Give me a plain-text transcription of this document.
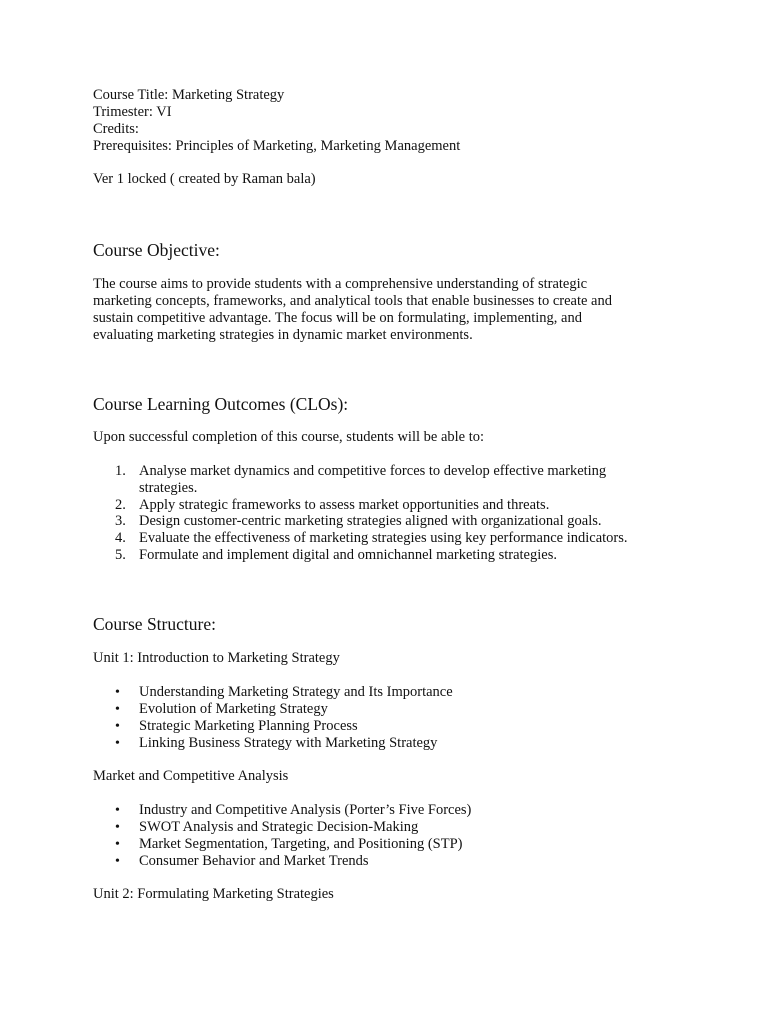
Course Title: Marketing Strategy
Trimester: VI
Credits:
Prerequisites: Principles of Marketing, Marketing Management
Ver 1 locked ( created by Raman bala)
Course Objective:
The course aims to provide students with a comprehensive understanding of strategic
marketing concepts, frameworks, and analytical tools that enable businesses to create and
sustain competitive advantage. The focus will be on formulating, implementing, and
evaluating marketing strategies in dynamic market environments.
Course Learning Outcomes (CLOs):
Upon successful completion of this course, students will be able to:
1. Analyse market dynamics and competitive forces to develop effective marketing
strategies.
2. Apply strategic frameworks to assess market opportunities and threats.
3. Design customer-centric marketing strategies aligned with organizational goals.
4. Evaluate the effectiveness of marketing strategies using key performance indicators.
5. Formulate and implement digital and omnichannel marketing strategies.
Course Structure:
Unit 1: Introduction to Marketing Strategy
• Understanding Marketing Strategy and Its Importance
• Evolution of Marketing Strategy
• Strategic Marketing Planning Process
• Linking Business Strategy with Marketing Strategy
Market and Competitive Analysis
• Industry and Competitive Analysis (Porter’s Five Forces)
• SWOT Analysis and Strategic Decision-Making
• Market Segmentation, Targeting, and Positioning (STP)
• Consumer Behavior and Market Trends
Unit 2: Formulating Marketing Strategies
